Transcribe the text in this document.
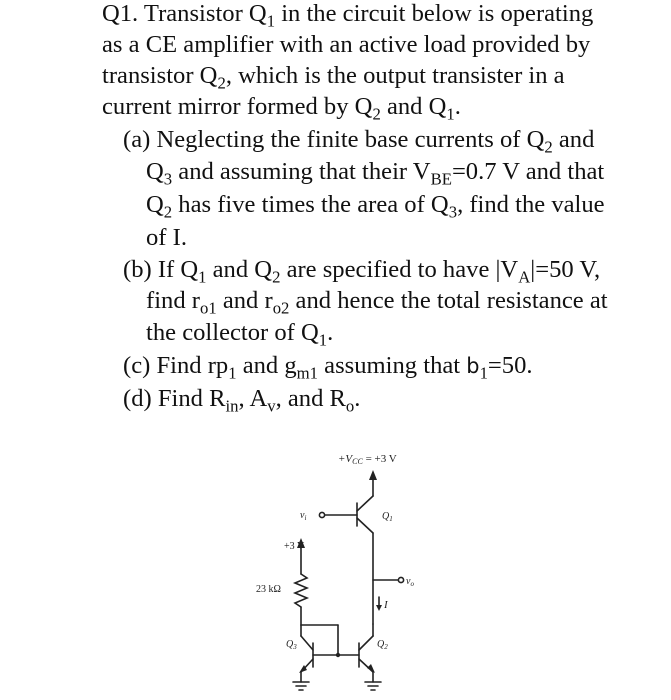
Q1. Transistor $Q_1$ in the circuit below is operating
as a CE amplifier with an active load provided by
transistor $Q_2$, which is the output transister in a
current mirror formed by $Q_2$ and $Q_1$.
(a) Neglecting the finite base currents of $Q_2$ and
$Q_3$ and assuming that their $V_{BE}=0.7$ V and that
$Q_2$ has five times the area of $Q_3$, find the value
of I.
(b) If $Q_1$ and $Q_2$ are specified to have $|V_A|=50$ V,
find $r_{o1}$ and $r_{o2}$ and hence the total resistance at
the collector of $Q_1$.
(c) Find $rp_1$ and $g_{m1}$ assuming that $b_1=50$.
(d) Find $R_{in}$, $A_v$, and $R_o$.
+VCC = +3 V
$v_i$	$Q_1$
+3 V
23 kΩ
$v_o$
I
$Q_3$	$Q_2$
